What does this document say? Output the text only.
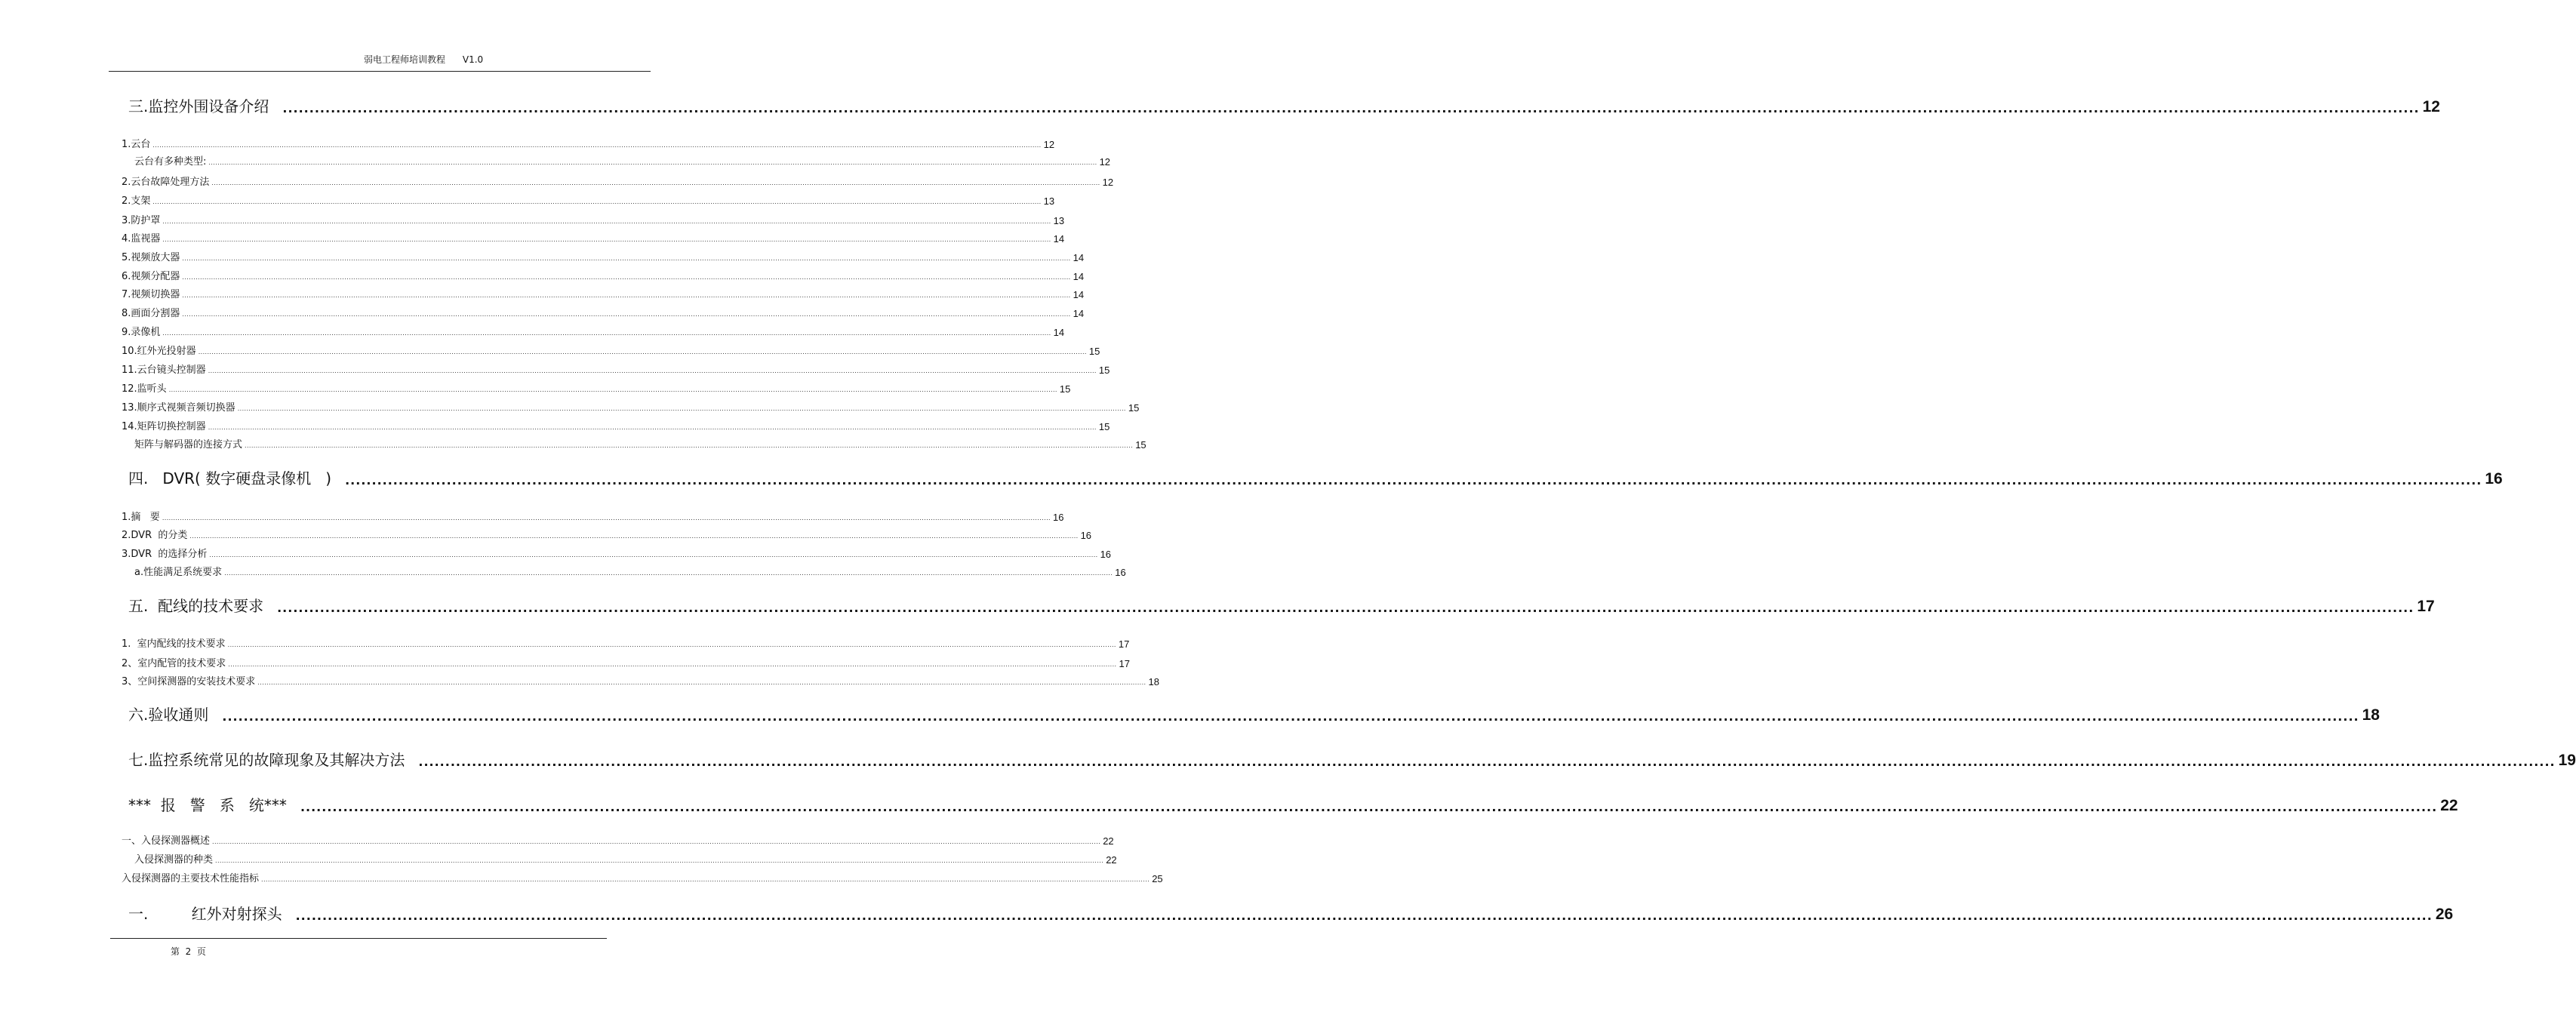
弱电工程师培训教程      V1.0
三.监控外围设备介绍 ................................................................................................................................................................................................................................................................................................................................................................................................................ 12
1.云台 ................................................................................................................................................................................................................................................................................................................................................................................................................ 12
云台有多种类型: ................................................................................................................................................................................................................................................................................................................................................................................................................ 12
2.云台故障处理方法 ................................................................................................................................................................................................................................................................................................................................................................................................................ 12
2.支架 ................................................................................................................................................................................................................................................................................................................................................................................................................ 13
3.防护罩 ................................................................................................................................................................................................................................................................................................................................................................................................................ 13
4.监视器 ................................................................................................................................................................................................................................................................................................................................................................................................................ 14
5.视频放大器 ................................................................................................................................................................................................................................................................................................................................................................................................................ 14
6.视频分配器 ................................................................................................................................................................................................................................................................................................................................................................................................................ 14
7.视频切换器 ................................................................................................................................................................................................................................................................................................................................................................................................................ 14
8.画面分割器 ................................................................................................................................................................................................................................................................................................................................................................................................................ 14
9.录像机 ................................................................................................................................................................................................................................................................................................................................................................................................................ 14
10.红外光投射器 ................................................................................................................................................................................................................................................................................................................................................................................................................ 15
11.云台镜头控制器 ................................................................................................................................................................................................................................................................................................................................................................................................................ 15
12.监听头 ................................................................................................................................................................................................................................................................................................................................................................................................................ 15
13.顺序式视频音频切换器 ................................................................................................................................................................................................................................................................................................................................................................................................................ 15
14.矩阵切换控制器 ................................................................................................................................................................................................................................................................................................................................................................................................................ 15
矩阵与解码器的连接方式 ................................................................................................................................................................................................................................................................................................................................................................................................................ 15
四.   DVR( 数字硬盘录像机   ) ................................................................................................................................................................................................................................................................................................................................................................................................................ 16
1.摘   要 ................................................................................................................................................................................................................................................................................................................................................................................................................ 16
2.DVR  的分类 ................................................................................................................................................................................................................................................................................................................................................................................................................ 16
3.DVR  的选择分析 ................................................................................................................................................................................................................................................................................................................................................................................................................ 16
a.性能满足系统要求 ................................................................................................................................................................................................................................................................................................................................................................................................................ 16
五.  配线的技术要求 ................................................................................................................................................................................................................................................................................................................................................................................................................ 17
1.  室内配线的技术要求 ................................................................................................................................................................................................................................................................................................................................................................................................................ 17
2、室内配管的技术要求 ................................................................................................................................................................................................................................................................................................................................................................................................................ 17
3、空间探测器的安装技术要求 ................................................................................................................................................................................................................................................................................................................................................................................................................ 18
六.验收通则 ................................................................................................................................................................................................................................................................................................................................................................................................................ 18
七.监控系统常见的故障现象及其解决方法 ................................................................................................................................................................................................................................................................................................................................................................................................................ 19
***  报   警   系   统*** ................................................................................................................................................................................................................................................................................................................................................................................................................ 22
一、入侵探测器概述 ................................................................................................................................................................................................................................................................................................................................................................................................................ 22
入侵探测器的种类 ................................................................................................................................................................................................................................................................................................................................................................................................................ 22
入侵探测器的主要技术性能指标 ................................................................................................................................................................................................................................................................................................................................................................................................................ 25
一.         红外对射探头 ................................................................................................................................................................................................................................................................................................................................................................................................................ 26
第  2  页
